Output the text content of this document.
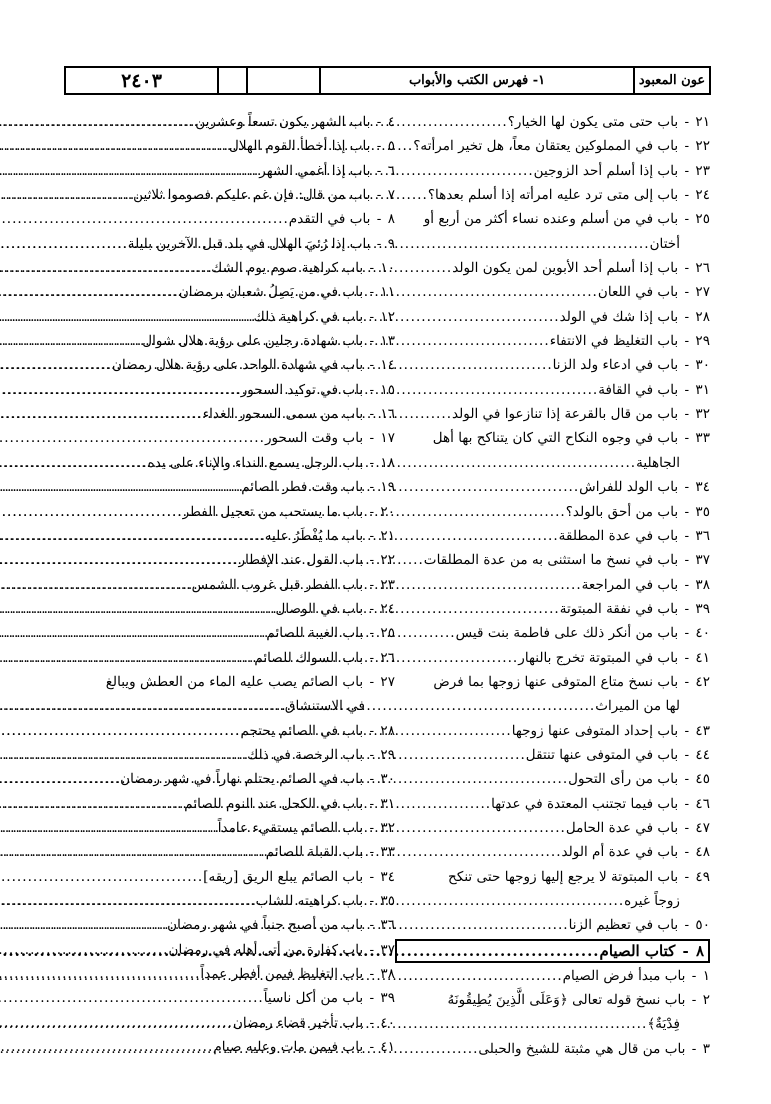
عون المعبود
١- فهرس الكتب والأبواب
٢٤٠٣
٢١
-
باب حتى متى يكون لها الخيار؟
.....
٢٢
-
باب في المملوكين يعتقان معاً، هل تخير امرأته؟
.....
٢٣
-
باب إذا أسلم أحد الزوجين
.....
٢٤
-
باب إلى متى ترد عليه امرأته إذا أسلم بعدها؟
.....
٢٥
-
باب في من أسلم وعنده نساء أكثر من أربع أو
أختان
.....
٢٦
-
باب إذا أسلم أحد الأبوين لمن يكون الولد
.....
٢٧
-
باب في اللعان
.....
٢٨
-
باب إذا شك في الولد
.....
٢٩
-
باب التغليظ في الانتفاء
.....
٣٠
-
باب في ادعاء ولد الزنا
.....
٣١
-
باب في القافة
.....
٣٢
-
باب من قال بالقرعة إذا تنازعوا في الولد
.....
٣٣
-
باب في وجوه النكاح التي كان يتناكح بها أهل
الجاهلية
.....
٣٤
-
باب الولد للفراش
.....
٣٥
-
باب من أحق بالولد؟
.....
٣٦
-
باب في عدة المطلقة
.....
٣٧
-
باب في نسخ ما استثنى به من عدة المطلقات
.....
٣٨
-
باب في المراجعة
.....
٣٩
-
باب في نفقة المبتوتة
.....
٤٠
-
باب من أنكر ذلك على فاطمة بنت قيس
.....
٤١
-
باب في المبتوتة تخرج بالنهار
.....
٤٢
-
باب نسخ متاع المتوفى عنها زوجها بما فرض
لها من الميراث
.....
٤٣
-
باب إحداد المتوفى عنها زوجها
.....
٤٤
-
باب في المتوفى عنها تنتقل
.....
٤٥
-
باب من رأى التحول
.....
٤٦
-
باب فيما تجتنب المعتدة في عدتها
.....
٤٧
-
باب في عدة الحامل
.....
٤٨
-
باب في عدة أم الولد
.....
٤٩
-
باب المبتوتة لا يرجع إليها زوجها حتى تنكح
زوجاً غيره
.....
٥٠
-
باب في تعظيم الزنا
.....
٨
-
كتاب الصيام
.....
١
-
باب مبدأ فرض الصيام
.....
٢
-
باب نسخ قوله تعالى ﴿وَعَلَى الَّذِينَ يُطِيقُونَهُ
فِدْيَةٌ﴾
.....
٣
-
باب من قال هي مثبتة للشيخ والحبلى
.....
٤
-
باب الشهر يكون تسعاً وعشرين
.....
٥
-
باب إذا أخطأ القوم الهلال
.....
٦
-
باب إذا أغمي الشهر
.....
٧
-
باب من قال: فإن غم عليكم فصوموا ثلاثين
.....
٨
-
باب في التقدم
.....
٩
-
باب إذا رُئيَ الهلال في بلد قبل الآخرين بليلة
.....
١٠
-
باب كراهية صوم يوم الشك
.....
١١
-
باب في من يَصِلُ شعبان برمضان
.....
١٢
-
باب في كراهية ذلك
.....
١٣
-
باب شهادة رجلين على رؤية هلال شوال
.....
١٤
-
باب في شهادة الواحد على رؤية هلال رمضان
.....
١٥
-
باب في توكيد السحور
.....
١٦
-
باب من سمى السحور الغداء
.....
١٧
-
باب وقت السحور
.....
١٨
-
باب الرجل يسمع النداء والإناء على يده
.....
١٩
-
باب وقت فطر الصائم
.....
٢٠
-
باب ما يستحب من تعجيل الفطر
.....
٢١
-
باب ما يُفْطَرُ عليه
.....
٢٢
-
باب القول عند الإفطار
.....
٢٣
-
باب الفطر قبل غروب الشمس
.....
٢٤
-
باب في الوصال
.....
٢٥
-
باب الغيبة للصائم
.....
٢٦
-
باب السواك للصائم
.....
٢٧
-
باب الصائم يصب عليه الماء من العطش ويبالغ
في الاستنشاق
.....
٢٨
-
باب في الصائم يحتجم
.....
٢٩
-
باب الرخصة في ذلك
.....
٣٠
-
باب في الصائم يحتلم نهاراً في شهر رمضان
.....
٣١
-
باب في الكحل عند النوم للصائم
.....
٣٢
-
باب الصائم يستقيء عامداً
.....
٣٣
-
باب القبلة للصائم
.....
٣٤
-
باب الصائم يبلع الريق [ريقه]
.....
٣٥
-
باب كراهيته للشاب
.....
٣٦
-
باب من أصبح جنباً في شهر رمضان
.....
٣٧
-
باب كفارة من أتى أهله في رمضان
.....
٣٨
-
باب التغليظ فيمن أفطر عمداً
.....
٣٩
-
باب من أكل ناسياً
.....
٤٠
-
باب تأخير قضاء رمضان
.....
٤١
-
باب فيمن مات وعليه صيام
.....
